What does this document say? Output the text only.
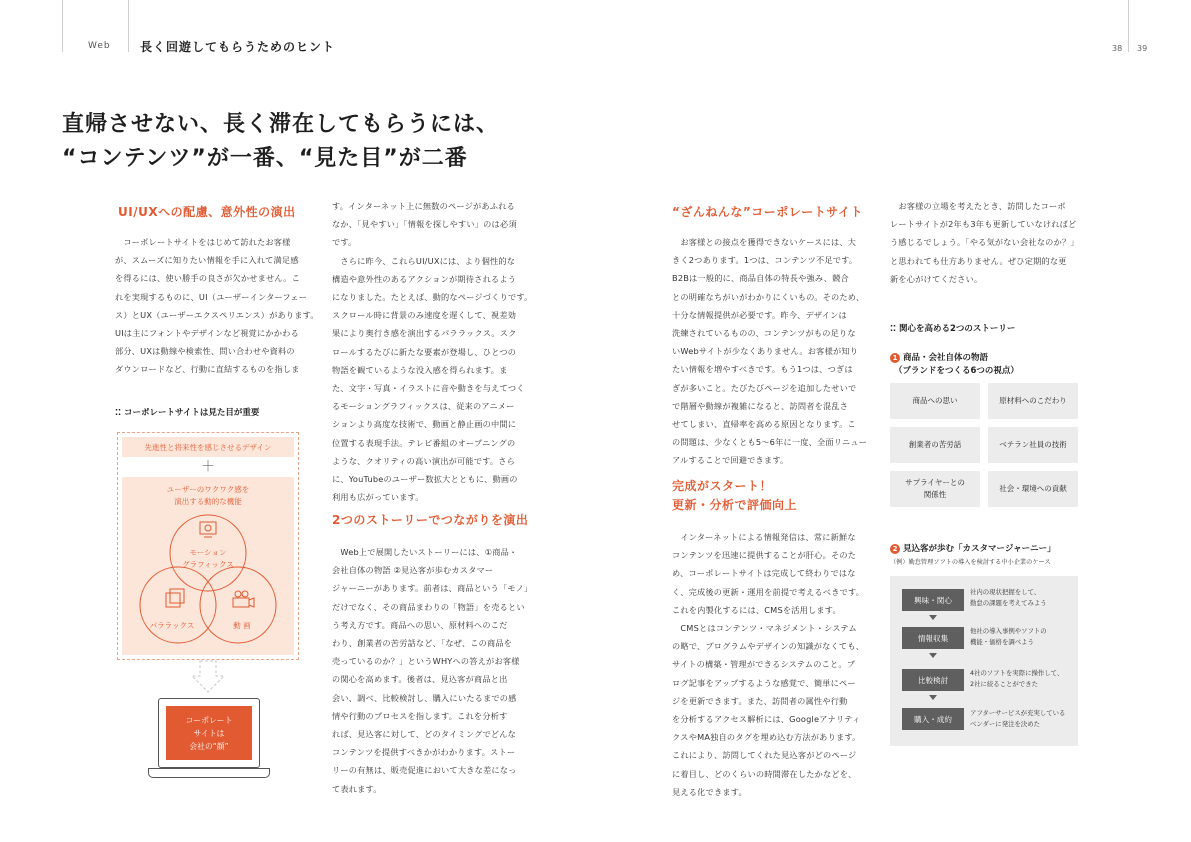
Web 長く回遊してもらうためのヒント	38 39
直帰させない、長く滞在してもらうには、
“コンテンツ”が一番、“見た目”が二番
UI/UXへの配慮、意外性の演出
　コーポレートサイトをはじめて訪れたお客様
が、スムーズに知りたい情報を手に入れて満足感
を得るには、使い勝手の良さが欠かせません。こ
れを実現するものに、UI（ユーザーインターフェー
ス）とUX（ユーザーエクスペリエンス）があります。
UIは主にフォントやデザインなど視覚にかかわる
部分、UXは動線や検索性、問い合わせや資料の
ダウンロードなど、行動に直結するものを指しま
⁚⁚ コーポレートサイトは見た目が重要
先進性と将来性を感じさせるデザイン
＋
ユーザーのワクワク感を
演出する動的な機能
モーション
グラフィックス
パララックス	動 画
コーポレート
サイトは
会社の“顔”
す。インターネット上に無数のページがあふれる
なか、「見やすい」「情報を探しやすい」のは必須
です。
　さらに昨今、これらUI/UXには、より個性的な
構造や意外性のあるアクションが期待されるよう
になりました。たとえば、動的なページづくりです。
スクロール時に背景のみ速度を遅くして、視差効
果により奥行き感を演出するパララックス。スク
ロールするたびに新たな要素が登場し、ひとつの
物語を観ているような没入感を得られます。ま
た、文字・写真・イラストに音や動きを与えてつく
るモーショングラフィックスは、従来のアニメー
ションより高度な技術で、動画と静止画の中間に
位置する表現手法。テレビ番組のオープニングの
ような、クオリティの高い演出が可能です。さら
に、YouTubeのユーザー数拡大とともに、動画の
利用も広がっています。
2つのストーリーでつながりを演出
　Web上で展開したいストーリーには、①商品・
会社自体の物語 ②見込客が歩むカスタマー
ジャーニーがあります。前者は、商品という「モノ」
だけでなく、その商品まわりの「物語」を売るとい
う考え方です。商品への思い、原材料へのこだ
わり、創業者の苦労話など、「なぜ、この商品を
売っているのか？」というWHYへの答えがお客様
の関心を高めます。後者は、見込客が商品と出
会い、調べ、比較検討し、購入にいたるまでの感
情や行動のプロセスを指します。これを分析す
れば、見込客に対して、どのタイミングでどんな
コンテンツを提供すべきかがわかります。ストー
リーの有無は、販売促進において大きな差になっ
て表れます。
“ざんねんな”コーポレートサイト
　お客様との接点を獲得できないケースには、大
きく2つあります。1つは、コンテンツ不足です。
B2Bは一般的に、商品自体の特長や強み、競合
との明確なちがいがわかりにくいもの。そのため、
十分な情報提供が必要です。昨今、デザインは
洗練されているものの、コンテンツがもの足りな
いWebサイトが少なくありません。お客様が知り
たい情報を増やすべきです。もう1つは、つぎは
ぎが多いこと。たびたびページを追加したせいで
で階層や動線が複雑になると、訪問者を混乱さ
せてしまい、直帰率を高める原因となります。こ
の問題は、少なくとも5～6年に一度、全面リニュー
アルすることで回避できます。
完成がスタート！
更新・分析で評価向上
　インターネットによる情報発信は、常に新鮮な
コンテンツを迅速に提供することが肝心。そのた
め、コーポレートサイトは完成して終わりではな
く、完成後の更新・運用を前提で考えるべきです。
これを内製化するには、CMSを活用します。
　CMSとはコンテンツ・マネジメント・システム
の略で、プログラムやデザインの知識がなくても、
サイトの構築・管理ができるシステムのこと。ブ
ログ記事をアップするような感覚で、簡単にペー
ジを更新できます。また、訪問者の属性や行動
を分析するアクセス解析には、Googleアナリティ
クスやMA独自のタグを埋め込む方法があります。
これにより、訪問してくれた見込客がどのページ
に着目し、どのくらいの時間滞在したかなどを、
見える化できます。
　お客様の立場を考えたとき、訪問したコーポ
レートサイトが2年も3年も更新していなければど
う感じるでしょう。「やる気がない会社なのか？」
と思われても仕方ありません。ぜひ定期的な更
新を心がけてください。
⁚⁚ 関心を高める2つのストーリー
1 商品・会社自体の物語
（ブランドをつくる6つの視点）
商品への思い	原材料へのこだわり
創業者の苦労話	ベテラン社員の技術
サプライヤーとの
関係性
社会・環境への貢献
2 見込客が歩む「カスタマージャーニー」
（例）勤怠管理ソフトの導入を検討する中小企業のケース
興味・関心
社内の現状把握をして、
勤怠の課題を考えてみよう
情報収集
他社の導入事例やソフトの
機能・価格を調べよう
比較検討
4社のソフトを実際に操作して、
2社に絞ることができた
購入・成約
アフターサービスが充実している
ベンダーに発注を決めた
